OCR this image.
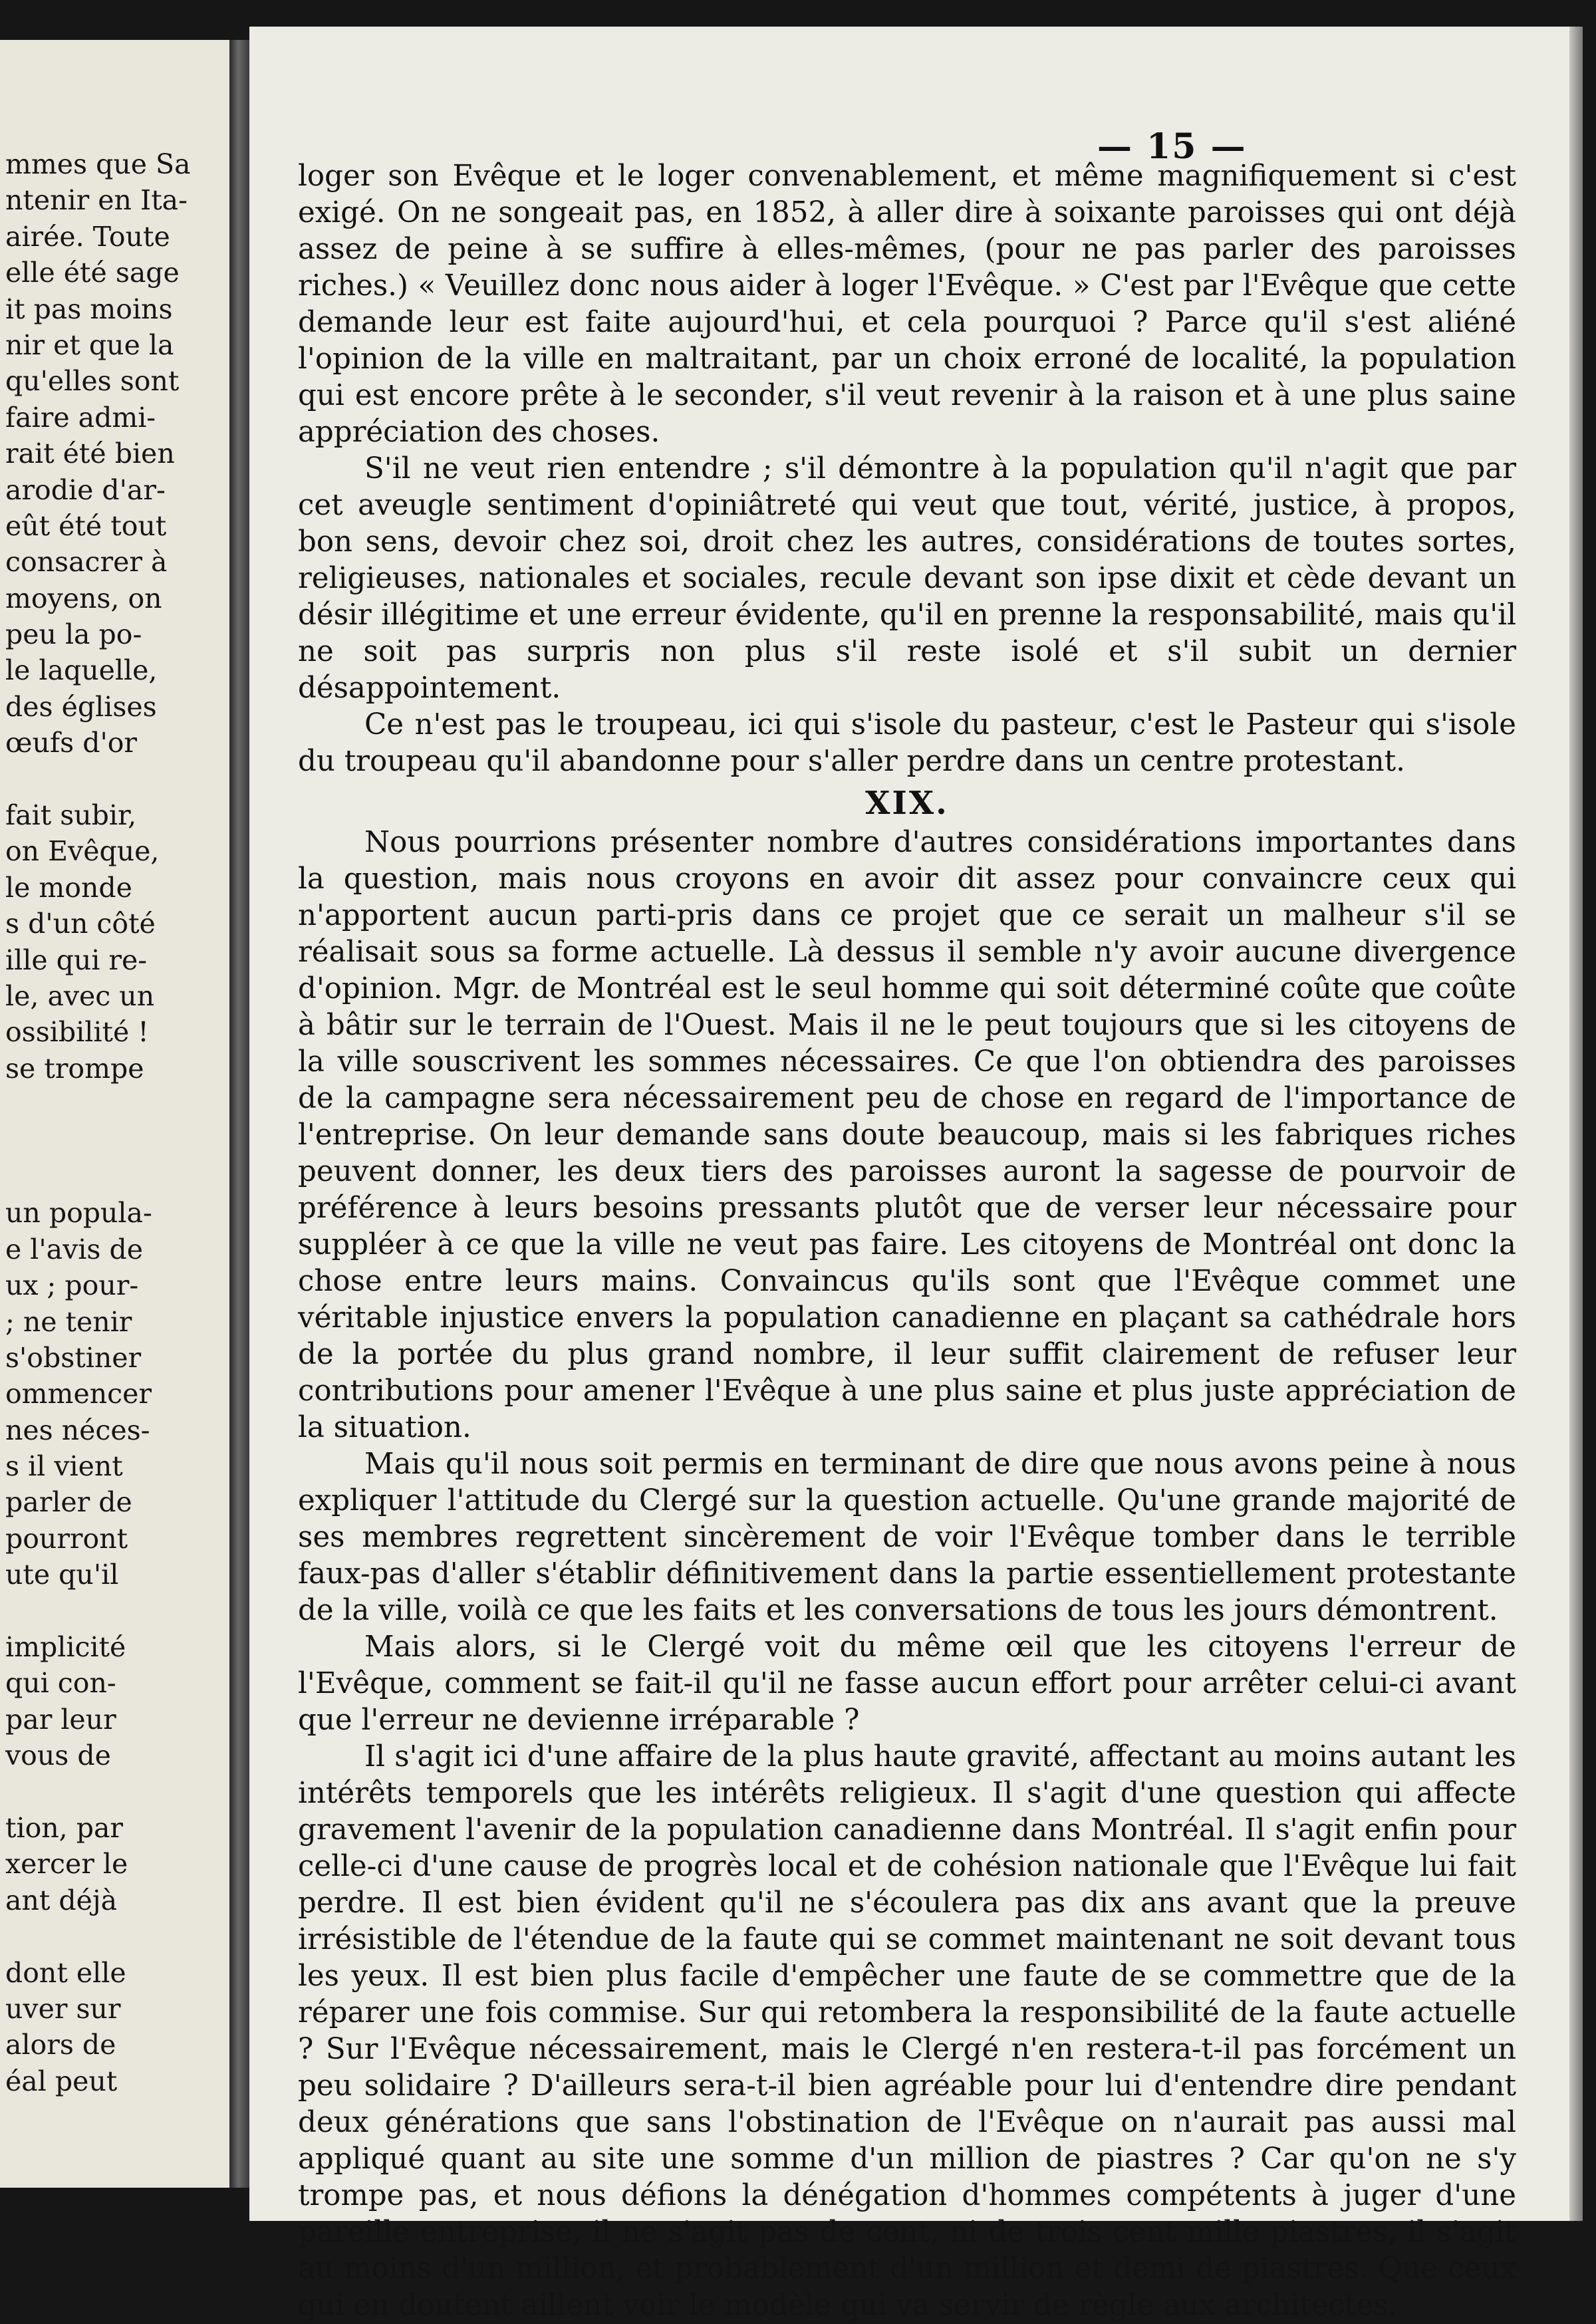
mmes que Sa
ntenir en Ita-
airée. Toute
elle été sage
it pas moins
nir et que la
qu'elles sont
faire admi-
rait été bien
arodie d'ar-
eût été tout
consacrer à
moyens, on
peu la po-
le laquelle,
des églises
œufs d'or
fait subir,
on Evêque,
le monde
s d'un côté
ille qui re-
le, avec un
ossibilité !
se trompe
un popula-
e l'avis de
ux ; pour-
; ne tenir
s'obstiner
ommencer
nes néces-
s il vient
parler de
pourront
ute qu'il
implicité
qui con-
par leur
vous de
tion, par
xercer le
ant déjà
dont elle
uver sur
alors de
éal peut
— 15 —

loger son Evêque et le loger convenablement, et même magnifiquement si c'est exigé. On ne songeait pas, en 1852, à aller dire à soixante paroisses qui ont déjà assez de peine à se suffire à elles-mêmes, (pour ne pas parler des paroisses riches.) « Veuillez donc nous aider à loger l'Evêque. » C'est par l'Evêque que cette demande leur est faite aujourd'hui, et cela pourquoi ? Parce qu'il s'est aliéné l'opinion de la ville en maltraitant, par un choix erroné de localité, la population qui est encore prête à le seconder, s'il veut revenir à la raison et à une plus saine appréciation des choses.

S'il ne veut rien entendre ; s'il démontre à la population qu'il n'agit que par cet aveugle sentiment d'opiniâtreté qui veut que tout, vérité, justice, à propos, bon sens, devoir chez soi, droit chez les autres, considérations de toutes sortes, religieuses, nationales et sociales, recule devant son ipse dixit et cède devant un désir illégitime et une erreur évidente, qu'il en prenne la responsabilité, mais qu'il ne soit pas surpris non plus s'il reste isolé et s'il subit un dernier désappointement.

Ce n'est pas le troupeau, ici qui s'isole du pasteur, c'est le Pasteur qui s'isole du troupeau qu'il abandonne pour s'aller perdre dans un centre protestant.

XIX.

Nous pourrions présenter nombre d'autres considérations importantes dans la question, mais nous croyons en avoir dit assez pour convaincre ceux qui n'apportent aucun parti-pris dans ce projet que ce serait un malheur s'il se réalisait sous sa forme actuelle. Là dessus il semble n'y avoir aucune divergence d'opinion. Mgr. de Montréal est le seul homme qui soit déterminé coûte que coûte à bâtir sur le terrain de l'Ouest. Mais il ne le peut toujours que si les citoyens de la ville souscrivent les sommes nécessaires. Ce que l'on obtiendra des paroisses de la campagne sera nécessairement peu de chose en regard de l'importance de l'entreprise. On leur demande sans doute beaucoup, mais si les fabriques riches peuvent donner, les deux tiers des paroisses auront la sagesse de pourvoir de préférence à leurs besoins pressants plutôt que de verser leur nécessaire pour suppléer à ce que la ville ne veut pas faire. Les citoyens de Montréal ont donc la chose entre leurs mains. Convaincus qu'ils sont que l'Evêque commet une véritable injustice envers la population canadienne en plaçant sa cathédrale hors de la portée du plus grand nombre, il leur suffit clairement de refuser leur contributions pour amener l'Evêque à une plus saine et plus juste appréciation de la situation.

Mais qu'il nous soit permis en terminant de dire que nous avons peine à nous expliquer l'attitude du Clergé sur la question actuelle. Qu'une grande majorité de ses membres regrettent sincèrement de voir l'Evêque tomber dans le terrible faux-pas d'aller s'établir définitivement dans la partie essentiellement protestante de la ville, voilà ce que les faits et les conversations de tous les jours démontrent.

Mais alors, si le Clergé voit du même œil que les citoyens l'erreur de l'Evêque, comment se fait-il qu'il ne fasse aucun effort pour arrêter celui-ci avant que l'erreur ne devienne irréparable ?

Il s'agit ici d'une affaire de la plus haute gravité, affectant au moins autant les intérêts temporels que les intérêts religieux. Il s'agit d'une question qui affecte gravement l'avenir de la population canadienne dans Montréal. Il s'agit enfin pour celle-ci d'une cause de progrès local et de cohésion nationale que l'Evêque lui fait perdre. Il est bien évident qu'il ne s'écoulera pas dix ans avant que la preuve irrésistible de l'étendue de la faute qui se commet maintenant ne soit devant tous les yeux. Il est bien plus facile d'empêcher une faute de se commettre que de la réparer une fois commise. Sur qui retombera la responsibilité de la faute actuelle ? Sur l'Evêque nécessairement, mais le Clergé n'en restera-t-il pas forcément un peu solidaire ? D'ailleurs sera-t-il bien agréable pour lui d'entendre dire pendant deux générations que sans l'obstination de l'Evêque on n'aurait pas aussi mal appliqué quant au site une somme d'un million de piastres ? Car qu'on ne s'y trompe pas, et nous défions la dénégation d'hommes compétents à juger d'une pareille entreprise, il ne s'agit pas de cent, ni de trois cent mille piastres, il s'agit au moins d'un million, et probablement d'un million et demi de piastres. Que ceux qui en doutent aillent voir le modèle qui va servir de règle aux architectes.
